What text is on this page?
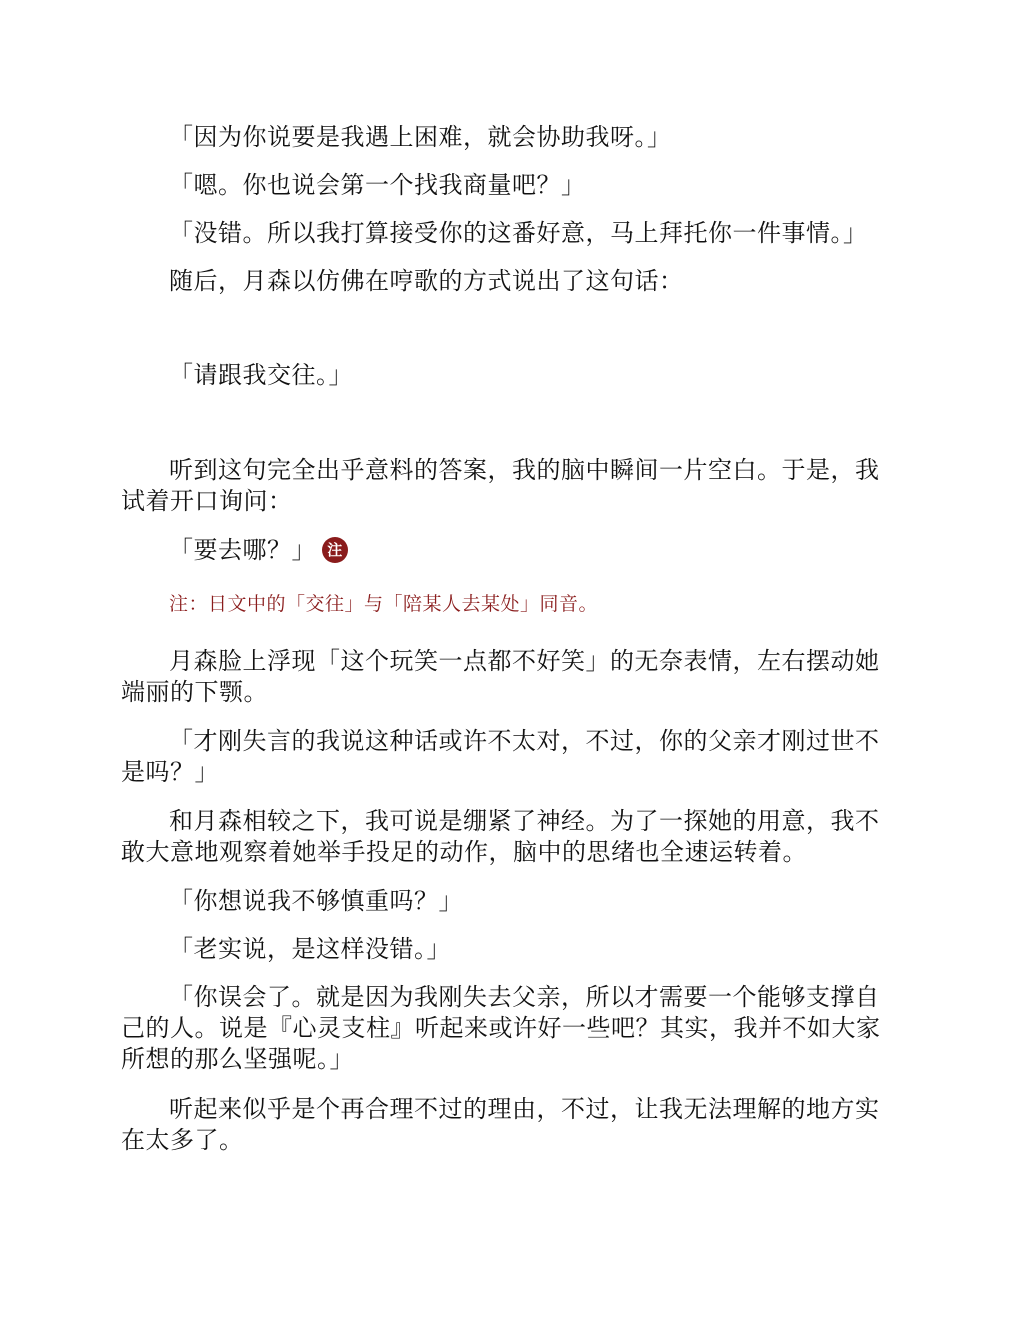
「因为你说要是我遇上困难，就会协助我呀。」

「嗯。你也说会第一个找我商量吧？」

「没错。所以我打算接受你的这番好意，马上拜托你一件事情。」

随后，月森以仿佛在哼歌的方式说出了这句话：

「请跟我交往。」

听到这句完全出乎意料的答案，我的脑中瞬间一片空白。于是，我试着开口询问：

「要去哪？」 注

注：日文中的「交往」与「陪某人去某处」同音。

月森脸上浮现「这个玩笑一点都不好笑」的无奈表情，左右摆动她端丽的下颚。

「才刚失言的我说这种话或许不太对，不过，你的父亲才刚过世不是吗？」

和月森相较之下，我可说是绷紧了神经。为了一探她的用意，我不敢大意地观察着她举手投足的动作，脑中的思绪也全速运转着。

「你想说我不够慎重吗？」

「老实说，是这样没错。」

「你误会了。就是因为我刚失去父亲，所以才需要一个能够支撑自己的人。说是『心灵支柱』听起来或许好一些吧？其实，我并不如大家所想的那么坚强呢。」

听起来似乎是个再合理不过的理由，不过，让我无法理解的地方实在太多了。
